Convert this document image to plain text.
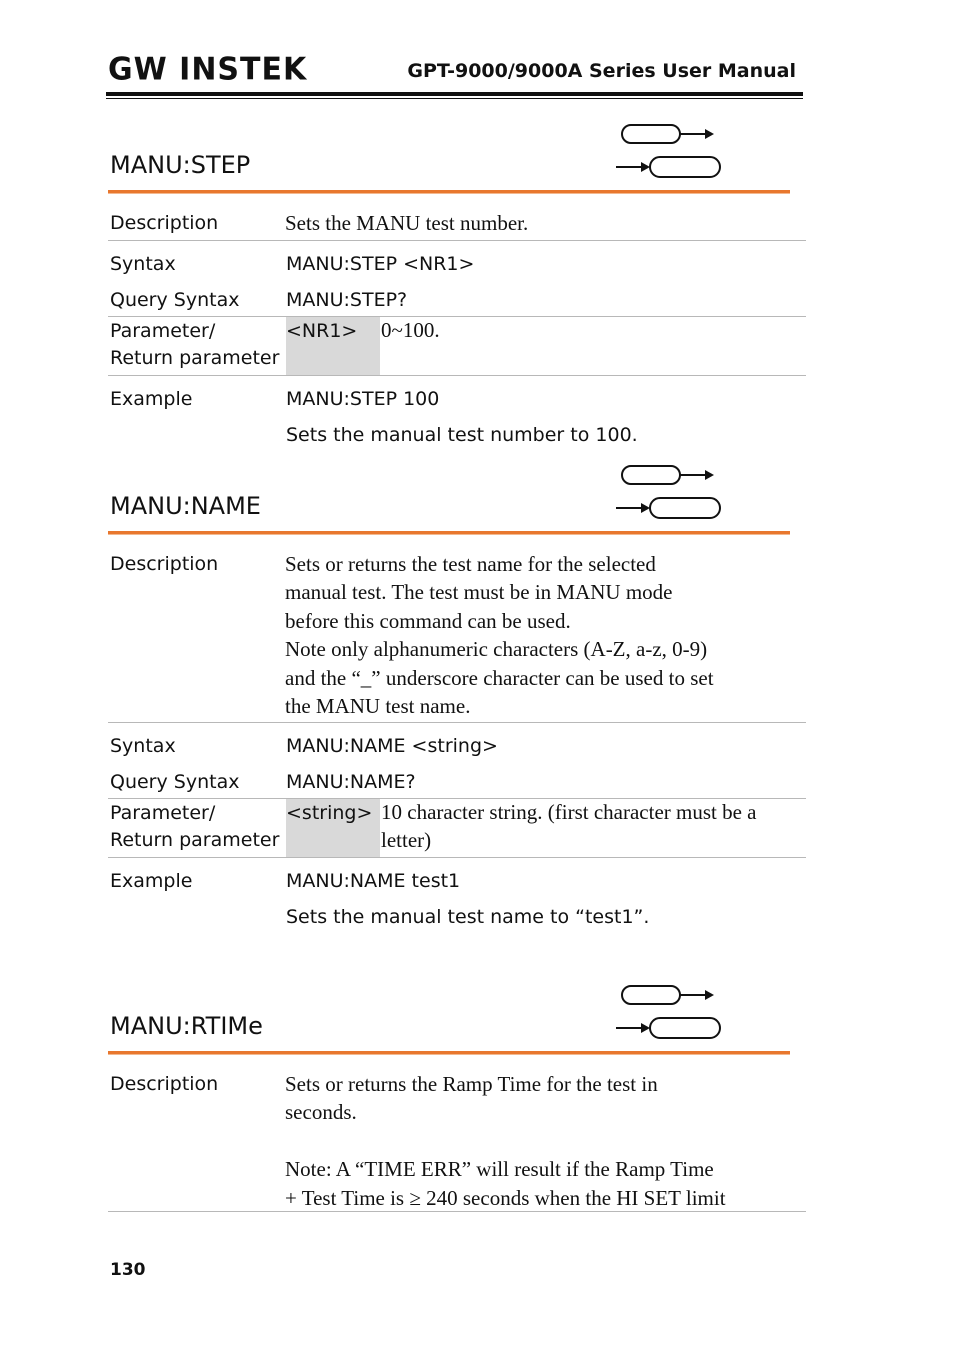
GW INSTEK	GPT-9000/9000A Series User Manual
MANU:STEP
Description	Sets the MANU test number.
Syntax	MANU:STEP <NR1>
Query Syntax MANU:STEP?
Parameter/
Return parameter
<NR1>	0~100.
Example	MANU:STEP 100
Sets the manual test number to 100.
MANU:NAME
Description	Sets or returns the test name for the selected
manual test. The test must be in MANU mode
before this command can be used.
Note only alphanumeric characters (A-Z, a-z, 0-9)
and the “_” underscore character can be used to set
the MANU test name.
Syntax	MANU:NAME <string>
Query Syntax MANU:NAME?
Parameter/
Return parameter
<string> 10 character string. (first character must be a letter)
Example	MANU:NAME test1
Sets the manual test name to “test1”.
MANU:RTIMe
Description	Sets or returns the Ramp Time for the test in
seconds.

Note: A “TIME ERR” will result if the Ramp Time
+ Test Time is ≥ 240 seconds when the HI SET limit
130
